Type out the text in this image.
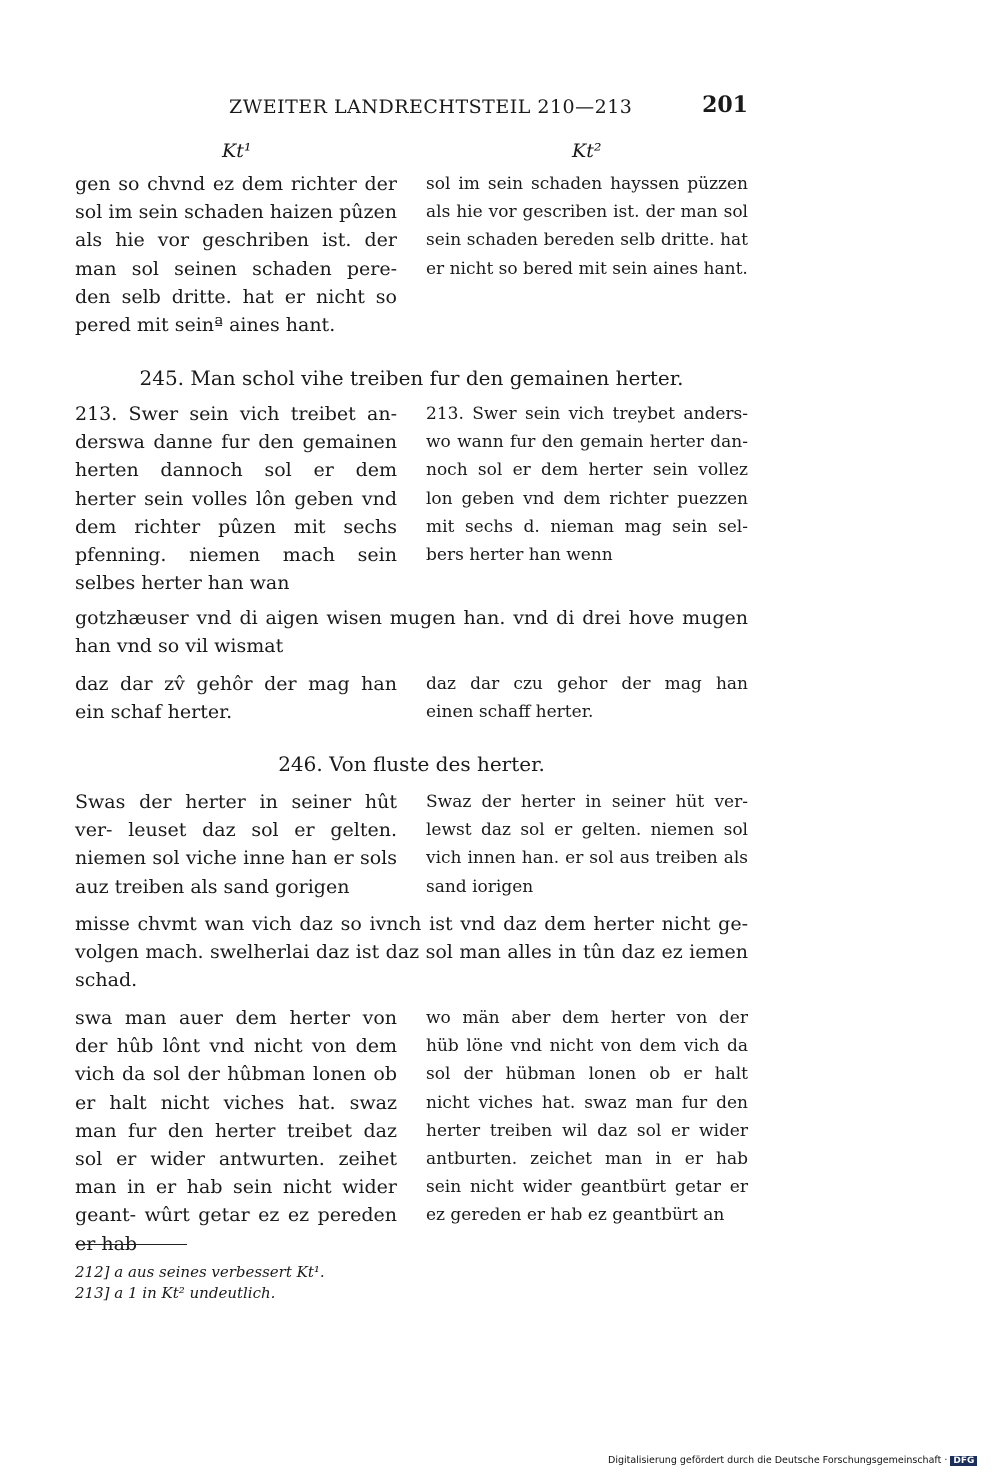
ZWEITER LANDRECHTSTEIL 210—213	201
Kt¹	Kt²
gen so chvnd ez dem richter der sol im sein schaden haizen pûzen als hie vor geschriben ist. der man sol seinen schaden pere- den selb dritte. hat er nicht so pered mit seinª aines hant.
sol im sein schaden hayssen püzzen als hie vor gescriben ist. der man sol sein schaden bereden selb dritte. hat er nicht so bered mit sein aines hant.
245. Man schol vihe treiben fur den gemainen herter.
213. Swer sein vich treibet an- derswa danne fur den gemainen herten dannoch sol er dem herter sein volles lôn geben vnd dem richter pûzen mit sechs pfenning. niemen mach sein selbes herter han wan
213. Swer sein vich treybet anders- wo wann fur den gemain herter dan- noch sol er dem herter sein vollez lon geben vnd dem richter puezzen mit sechs d. nieman mag sein sel- bers herter han wenn
gotzhæuser vnd di aigen wisen mugen han. vnd di drei hove mugen han vnd so vil wismat
daz dar zv̂ gehôr der mag han ein schaf herter.
daz dar czu gehor der mag han einen schaff herter.
246. Von fluste des herter.
Swas der herter in seiner hût ver- leuset daz sol er gelten. niemen sol viche inne han er sols auz treiben als sand gorigen
Swaz der herter in seiner hüt ver- lewst daz sol er gelten. niemen sol vich innen han. er sol aus treiben als sand iorigen
misse chvmt wan vich daz so ivnch ist vnd daz dem herter nicht ge- volgen mach. swelherlai daz ist daz sol man alles in tûn daz ez iemen schad.
swa man auer dem herter von der hûb lônt vnd nicht von dem vich da sol der hûbman lonen ob er halt nicht viches hat. swaz man fur den herter treibet daz sol er wider antwurten. zeihet man in er hab sein nicht wider geant- wûrt getar ez ez pereden er hab
wo män aber dem herter von der hüb löne vnd nicht von dem vich da sol der hübman lonen ob er halt nicht viches hat. swaz man fur den herter treiben wil daz sol er wider antburten. zeichet man in er hab sein nicht wider geantbürt getar er ez gereden er hab ez geantbürt an
212] a aus seines verbessert Kt¹.
213] a 1 in Kt² undeutlich.
Digitalisierung gefördert durch die Deutsche Forschungsgemeinschaft · DFG
